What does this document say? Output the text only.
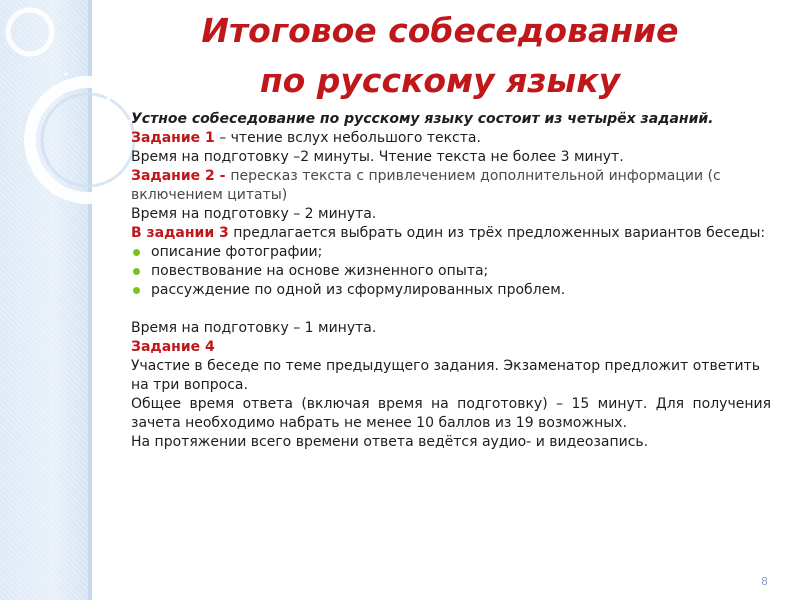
Итоговое собеседование
по русскому языку

Устное собеседование по русскому языку состоит из четырёх заданий.

Задание 1 – чтение вслух небольшого текста.

Время на подготовку –2 минуты. Чтение текста не более 3 минут.

Задание 2 - пересказ текста с привлечением дополнительной информации (с включением цитаты)

Время на подготовку – 2 минута.

В задании 3 предлагается выбрать один из трёх предложенных вариантов беседы:

описание фотографии;
повествование на основе жизненного опыта;
рассуждение по одной из сформулированных проблем.

Время на подготовку – 1 минута.

Задание 4

Участие в беседе по теме предыдущего задания. Экзаменатор предложит ответить на три вопроса.

Общее время ответа (включая время на подготовку) – 15 минут. Для получения зачета необходимо набрать не менее 10 баллов из 19 возможных.

На протяжении всего времени ответа ведётся аудио- и видеозапись.

8
